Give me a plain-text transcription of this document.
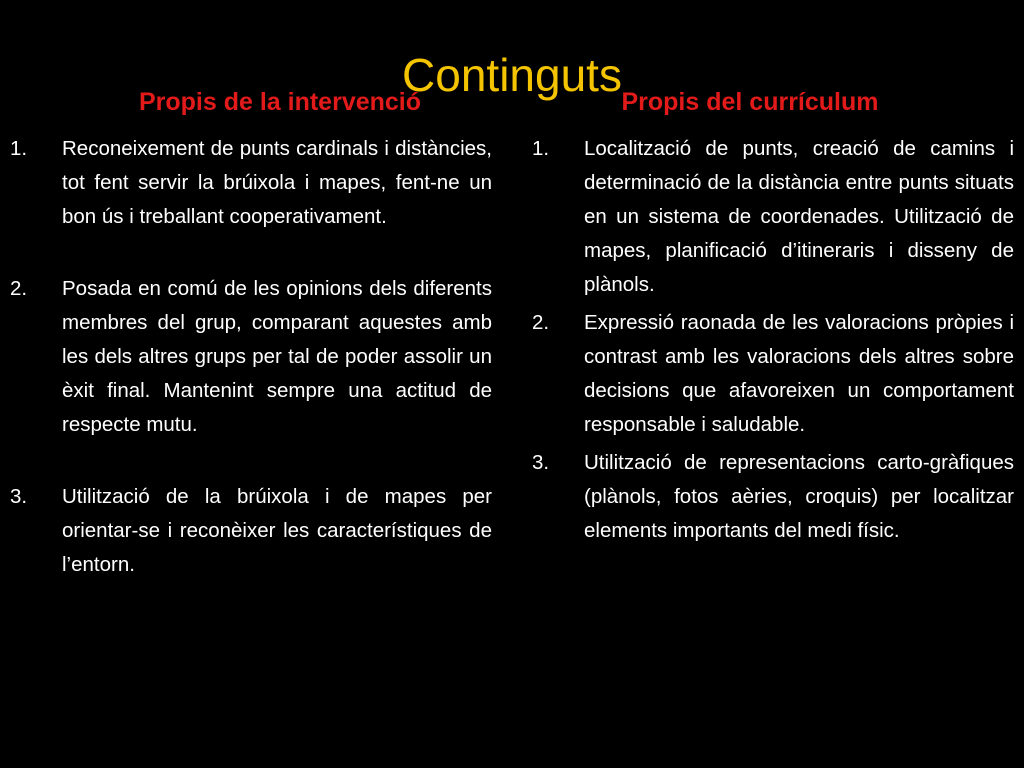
Continguts
Propis de la intervenció	Propis del currículum
1.	Reconeixement de punts cardinals i distàncies, tot fent servir la brúixola i mapes, fent-ne un bon ús i treballant cooperativament.
2.	Posada en comú de les opinions dels diferents membres del grup, comparant aquestes amb les dels altres grups per tal de poder assolir un èxit final. Mantenint sempre una actitud de respecte mutu.
3.	Utilització de la brúixola i de mapes per orientar-se i reconèixer les característiques de l’entorn.
1.	Localització de punts, creació de camins i determinació de la distància entre punts situats en un sistema de coordenades. Utilització de mapes, planificació d’itineraris i disseny de plànols.
2.	Expressió raonada de les valoracions pròpies i contrast amb les valoracions dels altres sobre decisions que afavoreixen un comportament responsable i saludable.
3.	Utilització de representacions carto-gràfiques (plànols, fotos aèries, croquis) per localitzar elements importants del medi físic.
